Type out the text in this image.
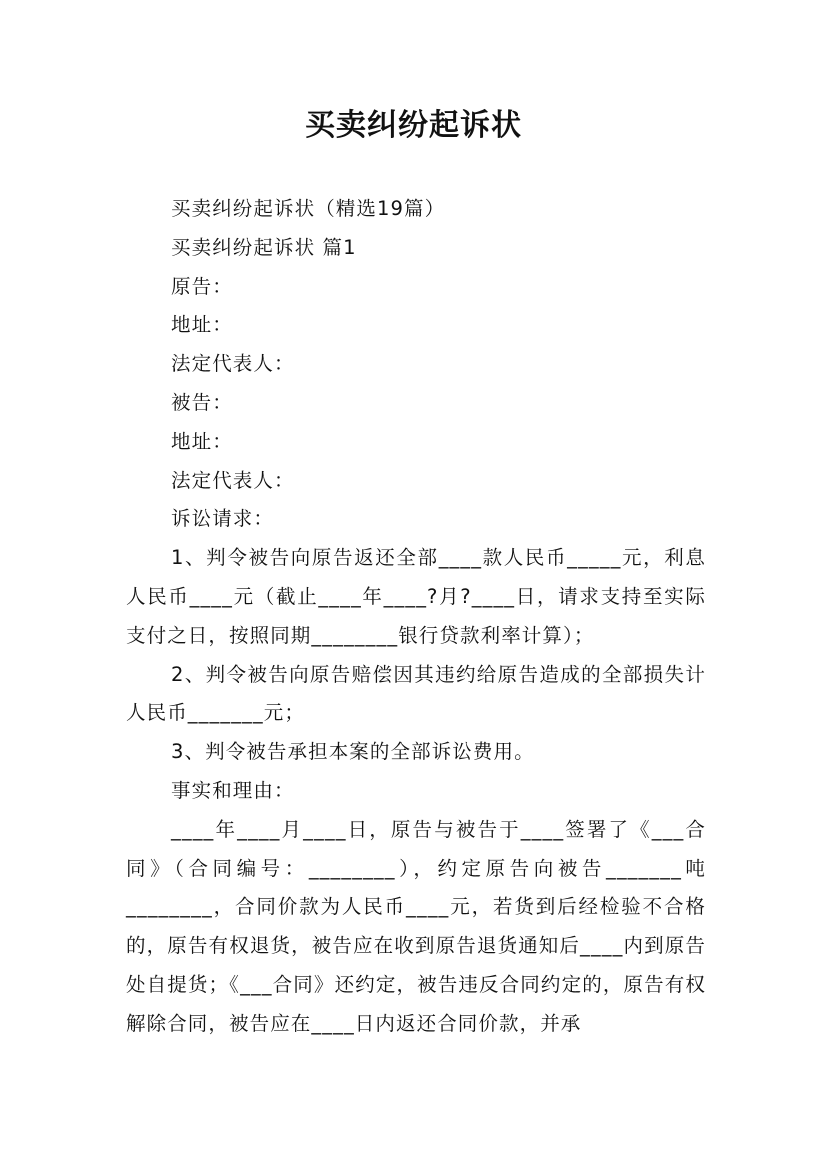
买卖纠纷起诉状

买卖纠纷起诉状（精选19篇）

买卖纠纷起诉状 篇1

原告：

地址：

法定代表人：

被告：

地址：

法定代表人：

诉讼请求：

1、判令被告向原告返还全部____款人民币_____元，利息人民币____元（截止____年____?月?____日，请求支持至实际支付之日，按照同期________银行贷款利率计算）；

2、判令被告向原告赔偿因其违约给原告造成的全部损失计人民币_______元；

3、判令被告承担本案的全部诉讼费用。

事实和理由：

____年____月____日，原告与被告于____签署了《___合同》（合同编号：________），约定原告向被告_______吨________，合同价款为人民币____元，若货到后经检验不合格的，原告有权退货，被告应在收到原告退货通知后____内到原告处自提货；《___合同》还约定，被告违反合同约定的，原告有权解除合同，被告应在____日内返还合同价款，并承
